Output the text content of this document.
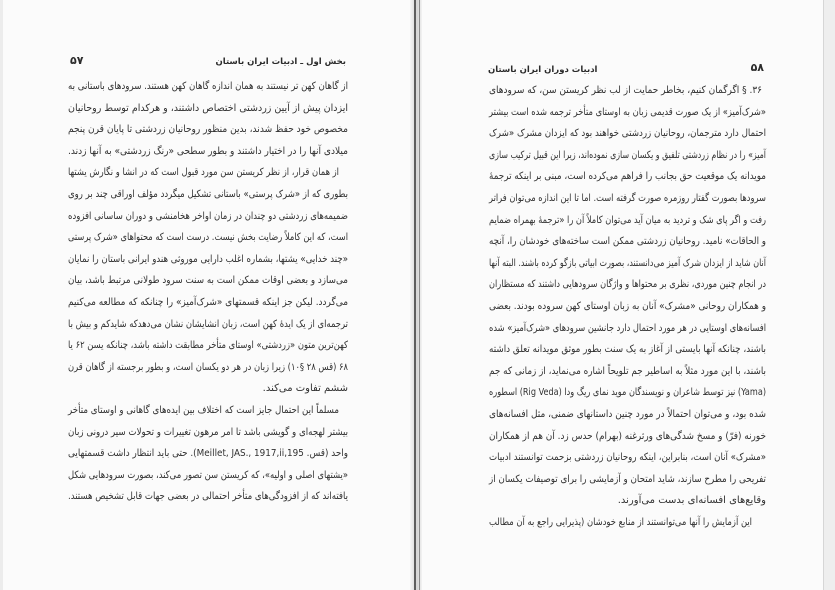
۵۷	بخش اول ـ ادبیات ایران باستان
از گاهان کهن تر نیستند به همان اندازه گاهان کهن هستند. سرودهای باستانی به
ایزدان پیش از آیین زردشتی اختصاص داشتند، و هرکدام توسط روحانیان
مخصوص خود حفظ شدند، بدین منظور روحانیان زردشتی تا پایان قرن پنجم
میلادی آنها را در اختیار داشتند و بطور سطحی «رنگ زردشتی» به آنها زدند.
از همان قرار، از نظر کریستن سن مورد قبول است که در انشا و نگارش یشتها
بطوری که از «شرک پرستی» باستانی تشکیل میگردد مؤلف اوراقی چند بر روی
ضمیمه‌های زردشتی دو چندان در زمان اواخر هخامنشی و دوران ساسانی افزوده
است، که این کاملاً رضایت بخش نیست. درست است که محتواهای «شرک پرستی
«چند خدایی» یشتها، بشماره اغلب دارایی موروثی هندو ایرانی باستان را نمایان
می‌سازد و بعضی اوقات ممکن است به سنت سرود طولانی مرتبط باشد، بیان
می‌گردد. لیکن جز اینکه قسمتهای «شرک‌آمیز» را چنانکه که مطالعه می‌کنیم
ترجمه‌ای از یک ایدهٔ کهن است، زبان انشایشان نشان می‌دهدکه شایدکم و بیش با
کهن‌ترین متون «زردشتی» اوستای متأخر مطابقت داشته باشد، چنانکه یسن ۶۲ یا
۶۸ (قس ۲۸ §۱۰) زیرا زبان در هر دو یکسان است، و بطور برجسته از گاهان قرن
ششم تفاوت می‌کند.
مسلماً این احتمال جایز است که اختلاف بین ایده‌های گاهانی و اوستای متأخر
بیشتر لهجه‌ای و گویشی باشد تا امر مرهون تغییرات و تحولات سیر درونی زبان
واحد (قس. Meillet, JAS., 1917,ii,195). حتی باید انتظار داشت قسمتهایی
«یشتهای اصلی و اولیه»، که کریستن سن تصور می‌کند، بصورت سرودهایی شکل
یافته‌اند که از افزودگی‌های متأخر احتمالی در بعضی جهات قابل تشخیص هستند.
۵۸
ادبیات دوران ایران باستان
۳۶. § اگرگمان کنیم، بخاطر حمایت از لب نظر کریستن سن، که سرودهای
«شرک‌آمیز» از یک صورت قدیمی زبان به اوستای متأخر ترجمه شده است بیشتر
احتمال دارد مترجمان، روحانیان زردشتی خواهند بود که ایزدان مشرک «شرک
آمیز» را در نظام زردشتی تلفیق و یکسان سازی نموده‌اند، زیرا این قبیل ترکیب سازی
مویدانه یک موقعیت حق بجانب را فراهم می‌کرده است، مبنی بر اینکه ترجمهٔ
سرودها بصورت گفتار روزمره صورت گرفته است. اما تا این اندازه می‌توان فراتر
رفت و اگر پای شک و تردید به میان آید می‌توان کاملاً آن را «ترجمهٔ بهمراه ضمایم
و الحاقات» نامید. روحانیان زردشتی ممکن است ساخته‌های خودشان را، آنچه
آنان شاید از ایزدان شرک آمیز می‌دانستند، بصورت ابیاتی بازگو کرده باشند. البته آنها
در انجام چنین موردی، نظری بر محتواها و واژگان سرودهایی داشتند که مستظاران
و همکاران روحانی «مشرک» آنان به زبان اوستای کهن سروده بودند. بعضی
افسانه‌های اوستایی در هر مورد احتمال دارد جانشین سرودهای «شرک‌آمیز» شده
باشند، چنانکه آنها بایستی از آغاز به یک سنت بطور موثق مویدانه تعلق داشته
باشند، با این مورد مثلاً به اساطیر جم تلویحاً اشاره می‌نماید، از زمانی که جم
(Yama) نیز توسط شاعران و نویسندگان موید نمای ریگ ودا (Rig Veda) اسطوره
شده بود، و می‌توان احتمالاً در مورد چنین داستانهای ضمنی، مثل افسانه‌های
خورنه (فرّ) و مسخ شدگی‌های ورثرغنه (بهرام) حدس زد. آن هم از همکاران
«مشرک» آنان است، بنابراین، اینکه روحانیان زردشتی بزحمت توانستند ادبیات
تفریحی را مطرح سازند، شاید امتحان و آزمایشی را برای توصیفات یکسان از
وقایع‌های افسانه‌ای بدست می‌آورند.
این آزمایش را آنها می‌توانستند از منابع خودشان (پذیرایی راجع به آن مطالب
